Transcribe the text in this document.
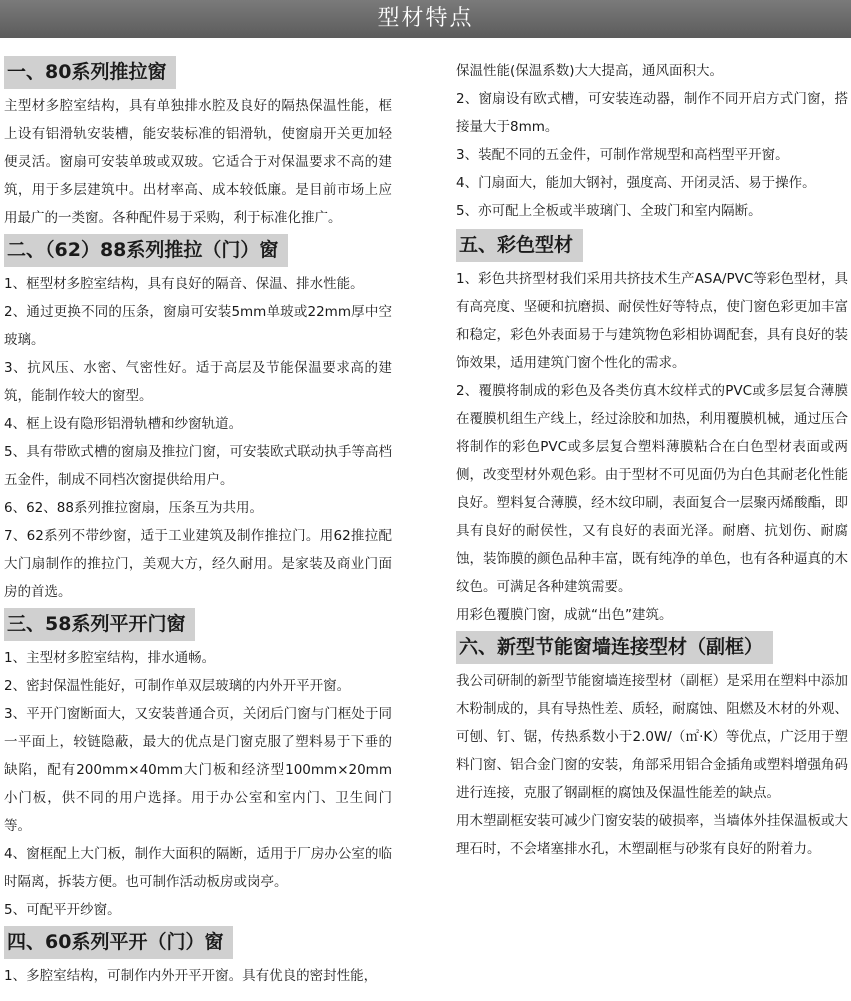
型材特点
一、80系列推拉窗

主型材多腔室结构，具有单独排水腔及良好的隔热保温性能，框上设有铝滑轨安装槽，能安装标准的铝滑轨，使窗扇开关更加轻便灵活。窗扇可安装单玻或双玻。它适合于对保温要求不高的建筑，用于多层建筑中。出材率高、成本较低廉。是目前市场上应用最广的一类窗。各种配件易于采购，利于标准化推广。

二、（62）88系列推拉（门）窗

1、框型材多腔室结构，具有良好的隔音、保温、排水性能。

2、通过更换不同的压条，窗扇可安装5mm单玻或22mm厚中空玻璃。

3、抗风压、水密、气密性好。适于高层及节能保温要求高的建筑，能制作较大的窗型。

4、框上设有隐形铝滑轨槽和纱窗轨道。

5、具有带欧式槽的窗扇及推拉门窗，可安装欧式联动执手等高档五金件，制成不同档次窗提供给用户。

6、62、88系列推拉窗扇，压条互为共用。

7、62系列不带纱窗，适于工业建筑及制作推拉门。用62推拉配大门扇制作的推拉门，美观大方，经久耐用。是家装及商业门面房的首选。

三、58系列平开门窗

1、主型材多腔室结构，排水通畅。

2、密封保温性能好，可制作单双层玻璃的内外开平开窗。

3、平开门窗断面大，又安装普通合页，关闭后门窗与门框处于同一平面上，较链隐蔽，最大的优点是门窗克服了塑料易于下垂的缺陷，配有200mm×40mm大门板和经济型100mm×20mm小门板，供不同的用户选择。用于办公室和室内门、卫生间门等。

4、窗框配上大门板，制作大面积的隔断，适用于厂房办公室的临时隔离，拆装方便。也可制作活动板房或岗亭。

5、可配平开纱窗。

四、60系列平开（门）窗

1、多腔室结构，可制作内外开平开窗。具有优良的密封性能，

保温性能(保温系数)大大提高，通风面积大。

2、窗扇设有欧式槽，可安装连动器，制作不同开启方式门窗，搭接量大于8mm。

3、装配不同的五金件，可制作常规型和高档型平开窗。

4、门扇面大，能加大钢衬，强度高、开闭灵活、易于操作。

5、亦可配上全板或半玻璃门、全玻门和室内隔断。

五、彩色型材

1、彩色共挤型材我们采用共挤技术生产ASA/PVC等彩色型材，具有高亮度、坚硬和抗磨损、耐侯性好等特点，使门窗色彩更加丰富和稳定，彩色外表面易于与建筑物色彩相协调配套，具有良好的装饰效果，适用建筑门窗个性化的需求。

2、覆膜将制成的彩色及各类仿真木纹样式的PVC或多层复合薄膜在覆膜机组生产线上，经过涂胶和加热，利用覆膜机械，通过压合将制作的彩色PVC或多层复合塑料薄膜粘合在白色型材表面或两侧，改变型材外观色彩。由于型材不可见面仍为白色其耐老化性能良好。塑料复合薄膜，经木纹印刷，表面复合一层聚丙烯酸酯，即具有良好的耐侯性，又有良好的表面光泽。耐磨、抗划伤、耐腐蚀，装饰膜的颜色品种丰富，既有纯净的单色，也有各种逼真的木纹色。可满足各种建筑需要。

用彩色覆膜门窗，成就“出色”建筑。

六、新型节能窗墙连接型材（副框）

我公司研制的新型节能窗墙连接型材（副框）是采用在塑料中添加木粉制成的，具有导热性差、质轻，耐腐蚀、阻燃及木材的外观、可刨、钉、锯，传热系数小于2.0W/（㎡·K）等优点，广泛用于塑料门窗、铝合金门窗的安装，角部采用铝合金插角或塑料增强角码进行连接，克服了钢副框的腐蚀及保温性能差的缺点。

用木塑副框安装可减少门窗安装的破损率，当墙体外挂保温板或大理石时，不会堵塞排水孔，木塑副框与砂浆有良好的附着力。
